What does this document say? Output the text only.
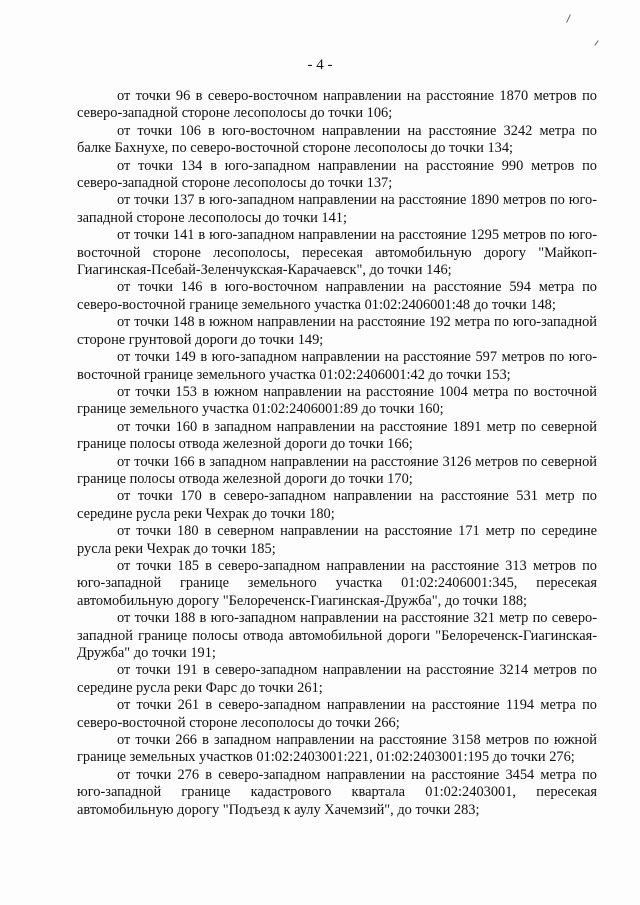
- 4 -

от точки 96 в северо-восточном направлении на расстояние 1870 метров по северо-западной стороне лесополосы до точки 106;

от точки 106 в юго-восточном направлении на расстояние 3242 метра по балке Бахнухе, по северо-восточной стороне лесополосы до точки 134;

от точки 134 в юго-западном направлении на расстояние 990 метров по северо-западной стороне лесополосы до точки 137;

от точки 137 в юго-западном направлении на расстояние 1890 метров по юго-западной стороне лесополосы до точки 141;

от точки 141 в юго-западном направлении на расстояние 1295 метров по юго-восточной стороне лесополосы, пересекая автомобильную дорогу "Майкоп-Гиагинская-Псебай-Зеленчукская-Карачаевск", до точки 146;

от точки 146 в юго-восточном направлении на расстояние 594 метра по северо-восточной границе земельного участка 01:02:2406001:48 до точки 148;

от точки 148 в южном направлении на расстояние 192 метра по юго-западной стороне грунтовой дороги до точки 149;

от точки 149 в юго-западном направлении на расстояние 597 метров по юго-восточной границе земельного участка 01:02:2406001:42 до точки 153;

от точки 153 в южном направлении на расстояние 1004 метра по восточной границе земельного участка 01:02:2406001:89 до точки 160;

от точки 160 в западном направлении на расстояние 1891 метр по северной границе полосы отвода железной дороги до точки 166;

от точки 166 в западном направлении на расстояние 3126 метров по северной границе полосы отвода железной дороги до точки 170;

от точки 170 в северо-западном направлении на расстояние 531 метр по середине русла реки Чехрак до точки 180;

от точки 180 в северном направлении на расстояние 171 метр по середине русла реки Чехрак до точки 185;

от точки 185 в северо-западном направлении на расстояние 313 метров по юго-западной границе земельного участка 01:02:2406001:345, пересекая автомобильную дорогу "Белореченск-Гиагинская-Дружба", до точки 188;

от точки 188 в юго-западном направлении на расстояние 321 метр по северо-западной границе полосы отвода автомобильной дороги "Белореченск-Гиагинская-Дружба" до точки 191;

от точки 191 в северо-западном направлении на расстояние 3214 метров по середине русла реки Фарс до точки 261;

от точки 261 в северо-западном направлении на расстояние 1194 метра по северо-восточной стороне лесополосы до точки 266;

от точки 266 в западном направлении на расстояние 3158 метров по южной границе земельных участков 01:02:2403001:221, 01:02:2403001:195 до точки 276;

от точки 276 в северо-западном направлении на расстояние 3454 метра по юго-западной границе кадастрового квартала 01:02:2403001, пересекая автомобильную дорогу "Подъезд к аулу Хачемзий", до точки 283;
